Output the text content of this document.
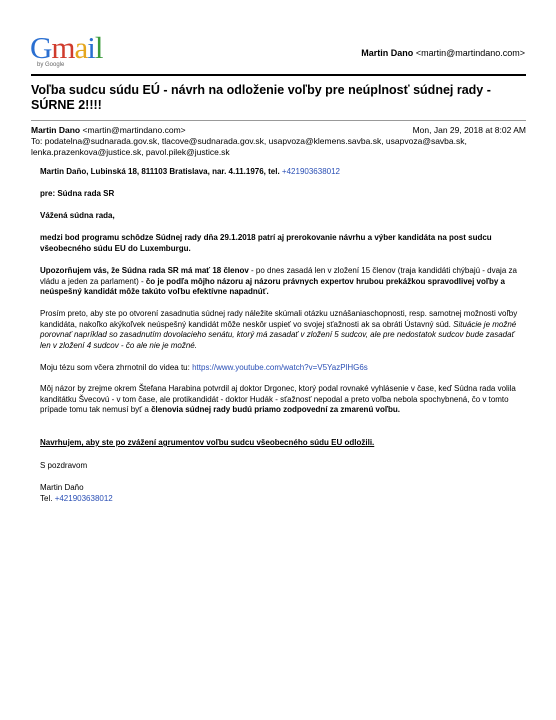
Gmail
by Google
Martin Dano <martin@martindano.com>
Voľba sudcu súdu EÚ - návrh na odloženie voľby pre neúplnosť súdnej rady - SÚRNE 2!!!!
Martin Dano <martin@martindano.com>	Mon, Jan 29, 2018 at 8:02 AM
To: podatelna@sudnarada.gov.sk, tlacove@sudnarada.gov.sk, usapvoza@klemens.savba.sk, usapvoza@savba.sk, lenka.prazenkova@justice.sk, pavol.pilek@justice.sk
Martin Daňo, Lubinská 18, 811103 Bratislava, nar. 4.11.1976, tel. +421903638012
pre: Súdna rada SR
Vážená súdna rada,
medzi bod programu schôdze Súdnej rady dňa 29.1.2018 patrí aj prerokovanie návrhu a výber kandidáta na post sudcu všeobecného súdu EU do Luxemburgu.
Upozorňujem vás, že Súdna rada SR má mať 18 členov - po dnes zasadá len v zložení 15 členov (traja kandidáti chýbajú - dvaja za vládu a jeden za parlament) - čo je podľa môjho názoru aj názoru právnych expertov hrubou prekážkou spravodlivej voľby a neúspešný kandidát môže takúto voľbu efektívne napadnúť.
Prosím preto, aby ste po otvorení zasadnutia súdnej rady náležite skúmali otázku uznášaniaschopnosti, resp. samotnej možnosti voľby kandidáta, nakoľko akýkoľvek neúspešný kandidát môže neskôr uspieť vo svojej sťažnosti ak sa obráti Ústavný súd. Situácie je možné porovnať napríklad so zasadnutím dovolacieho senátu, ktorý má zasadať v zložení 5 sudcov, ale pre nedostatok sudcov bude zasadať len v zložení 4 sudcov - čo ale nie je možné.
Moju tézu som včera zhrnotnil do videa tu: https://www.youtube.com/watch?v=V5YazPlHG6s
Môj názor by zrejme okrem Štefana Harabina potvrdil aj doktor Drgonec, ktorý podal rovnaké vyhlásenie v čase, keď Súdna rada volila kanditátku Švecovú - v tom čase, ale protikandidát - doktor Hudák - sťažnosť nepodal a preto voľba nebola spochybnená, čo v tomto prípade tomu tak nemusí byť a členovia súdnej rady budú priamo zodpovední za zmarenú voľbu.
Navrhujem, aby ste po zvážení agrumentov voľbu sudcu všeobecného súdu EU odložili.
S pozdravom
Martin Daňo
Tel. +421903638012
